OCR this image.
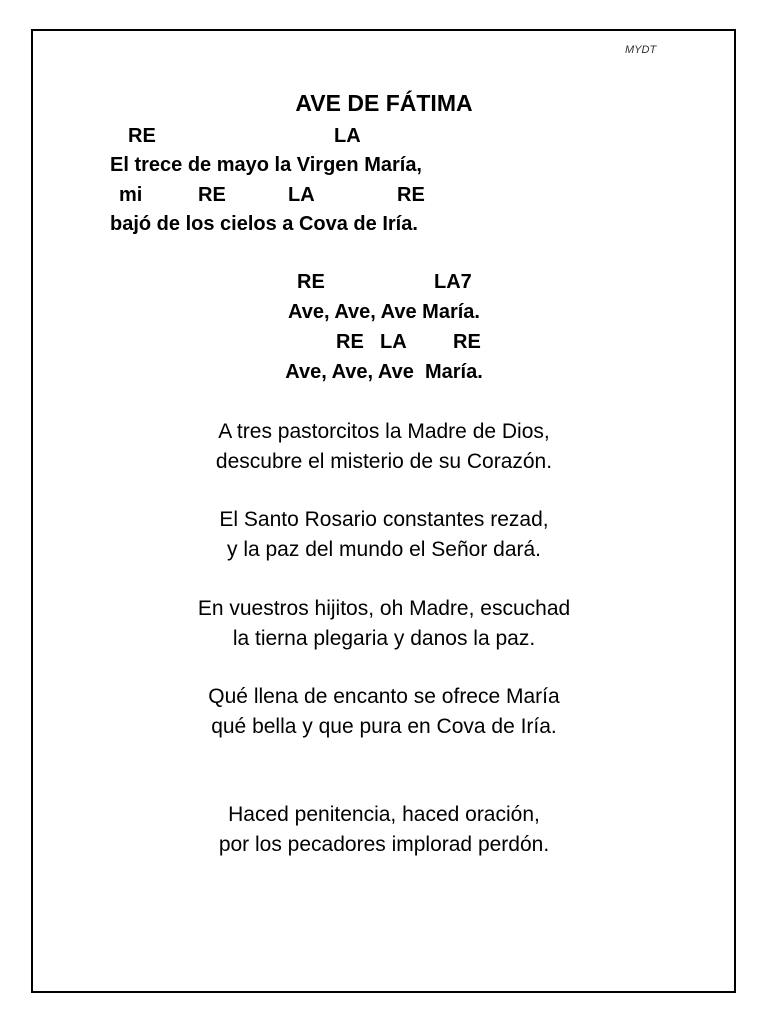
MYDT
AVE DE FÁTIMA
RE	LA
El trece de mayo la Virgen María,
mi	RE	LA	RE
bajó de los cielos a Cova de Iría.
RE	LA7
Ave, Ave, Ave María.
RE LA RE
Ave, Ave, Ave  María.
A tres pastorcitos la Madre de Dios,
descubre el misterio de su Corazón.
El Santo Rosario constantes rezad,
y la paz del mundo el Señor dará.
En vuestros hijitos, oh Madre, escuchad
la tierna plegaria y danos la paz.
Qué llena de encanto se ofrece María
qué bella y que pura en Cova de Iría.
Haced penitencia, haced oración,
por los pecadores implorad perdón.
